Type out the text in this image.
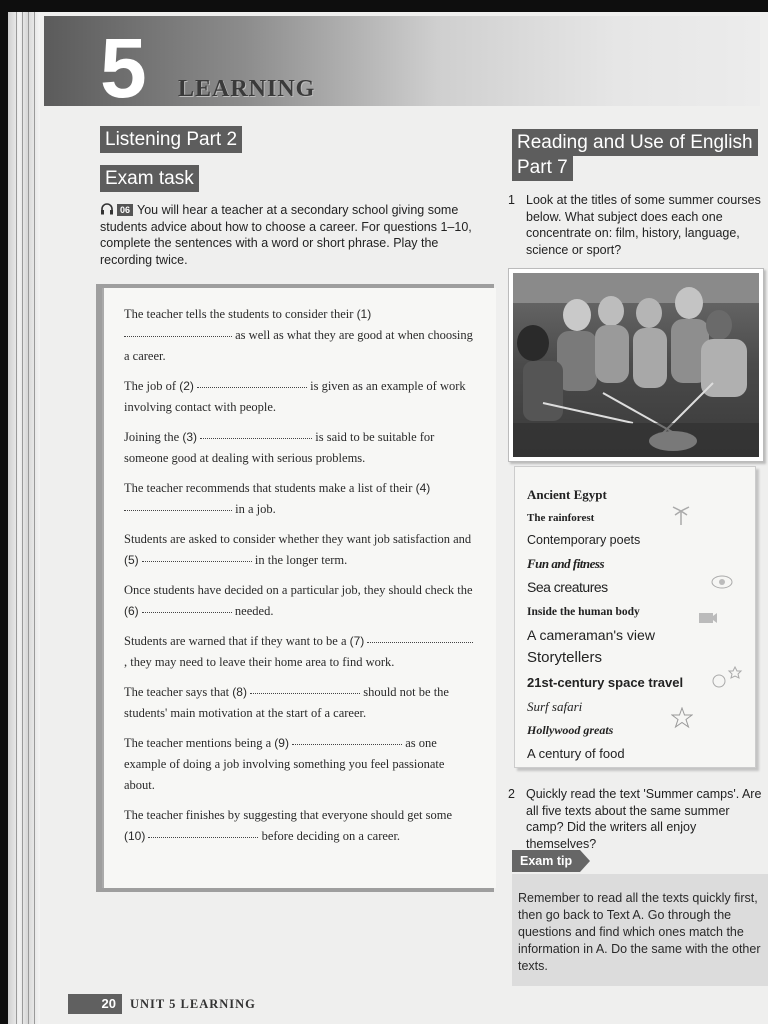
5 LEARNING
Listening Part 2
Exam task
06 You will hear a teacher at a secondary school giving some students advice about how to choose a career. For questions 1–10, complete the sentences with a word or short phrase. Play the recording twice.

The teacher tells the students to consider their (1)  as well as what they are good at when choosing a career.

The job of (2)	is given as an example of work involving contact with people.

Joining the (3)	is said to be suitable for someone good at dealing with serious problems.

The teacher recommends that students make a list of their (4)  in a job.

Students are asked to consider whether they want job satisfaction and (5)	in the longer term.

Once students have decided on a particular job, they should check the (6)	needed.

Students are warned that if they want to be a (7)  , they may need to leave their home area to find work.

The teacher says that (8)	should not be the students' main motivation at the start of a career.

The teacher mentions being a (9)	as one example of doing a job involving something you feel passionate about.

The teacher finishes by suggesting that everyone should get some (10)	before deciding on a career.

Reading and Use of English
Part 7
1 Look at the titles of some summer courses below. What subject does each one concentrate on: film, history, language, science or sport?
Ancient Egypt
The rainforest
Contemporary poets
Fun and fitness
Sea creatures
Inside the human body
A cameraman's view
Storytellers
21st-century space travel
Surf safari
Hollywood greats
A century of food
2 Quickly read the text 'Summer camps'. Are all five texts about the same summer camp? Did the writers all enjoy themselves?
Remember to read all the texts quickly first, then go back to Text A. Go through the questions and find which ones match the information in A. Do the same with the other texts.
Exam tip
20	UNIT 5 LEARNING
